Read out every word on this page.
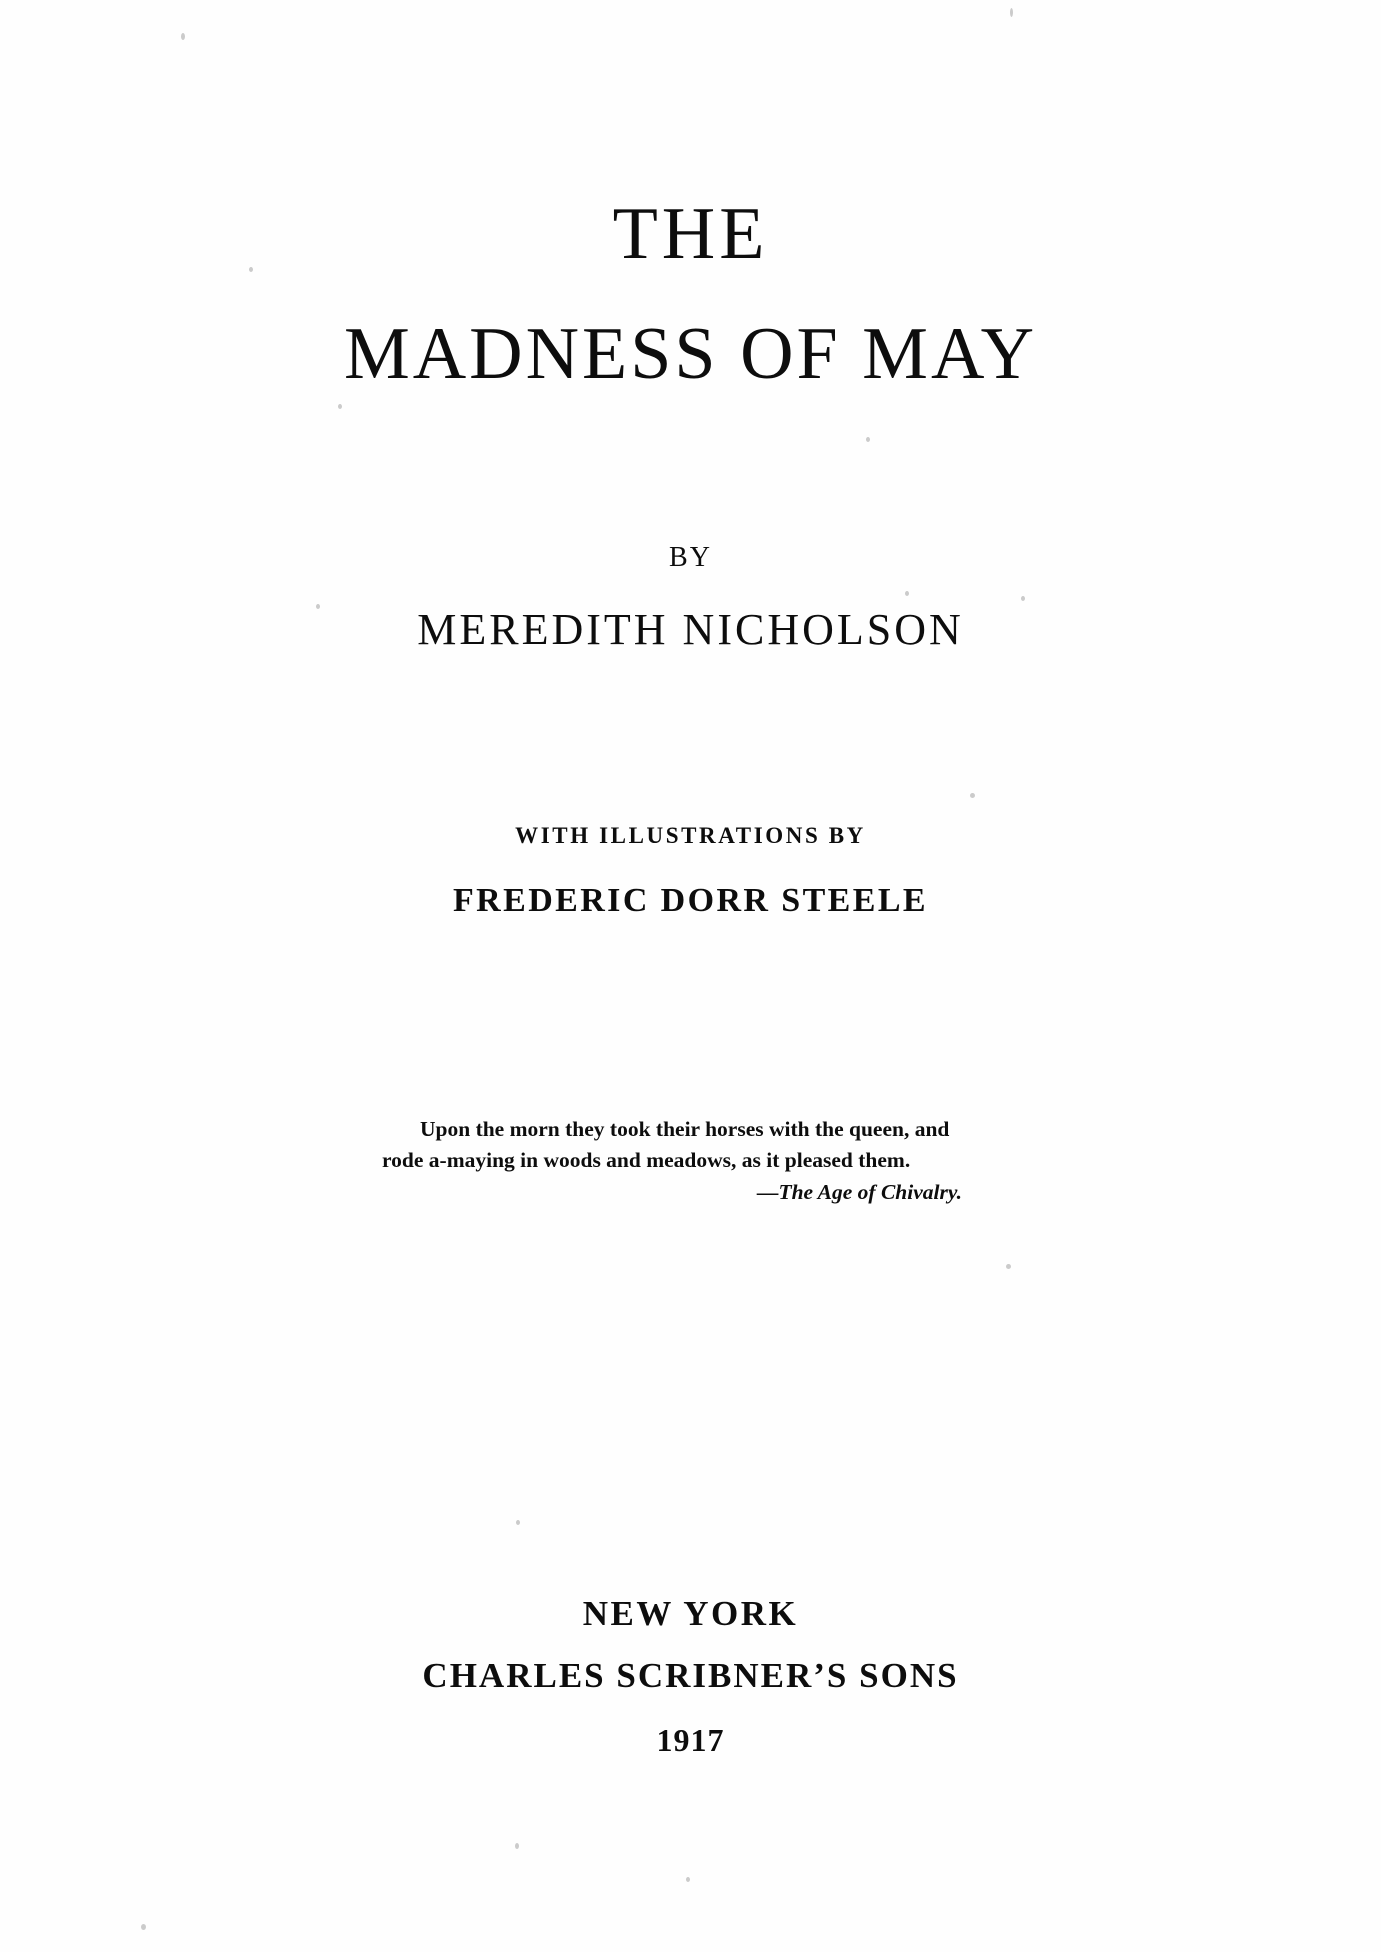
THE
MADNESS OF MAY
BY
MEREDITH NICHOLSON
WITH ILLUSTRATIONS BY
FREDERIC DORR STEELE
Upon the morn they took their horses with the queen, and rode a-maying in woods and meadows, as it pleased them.
—The Age of Chivalry.
NEW YORK
CHARLES SCRIBNER’S SONS
1917
